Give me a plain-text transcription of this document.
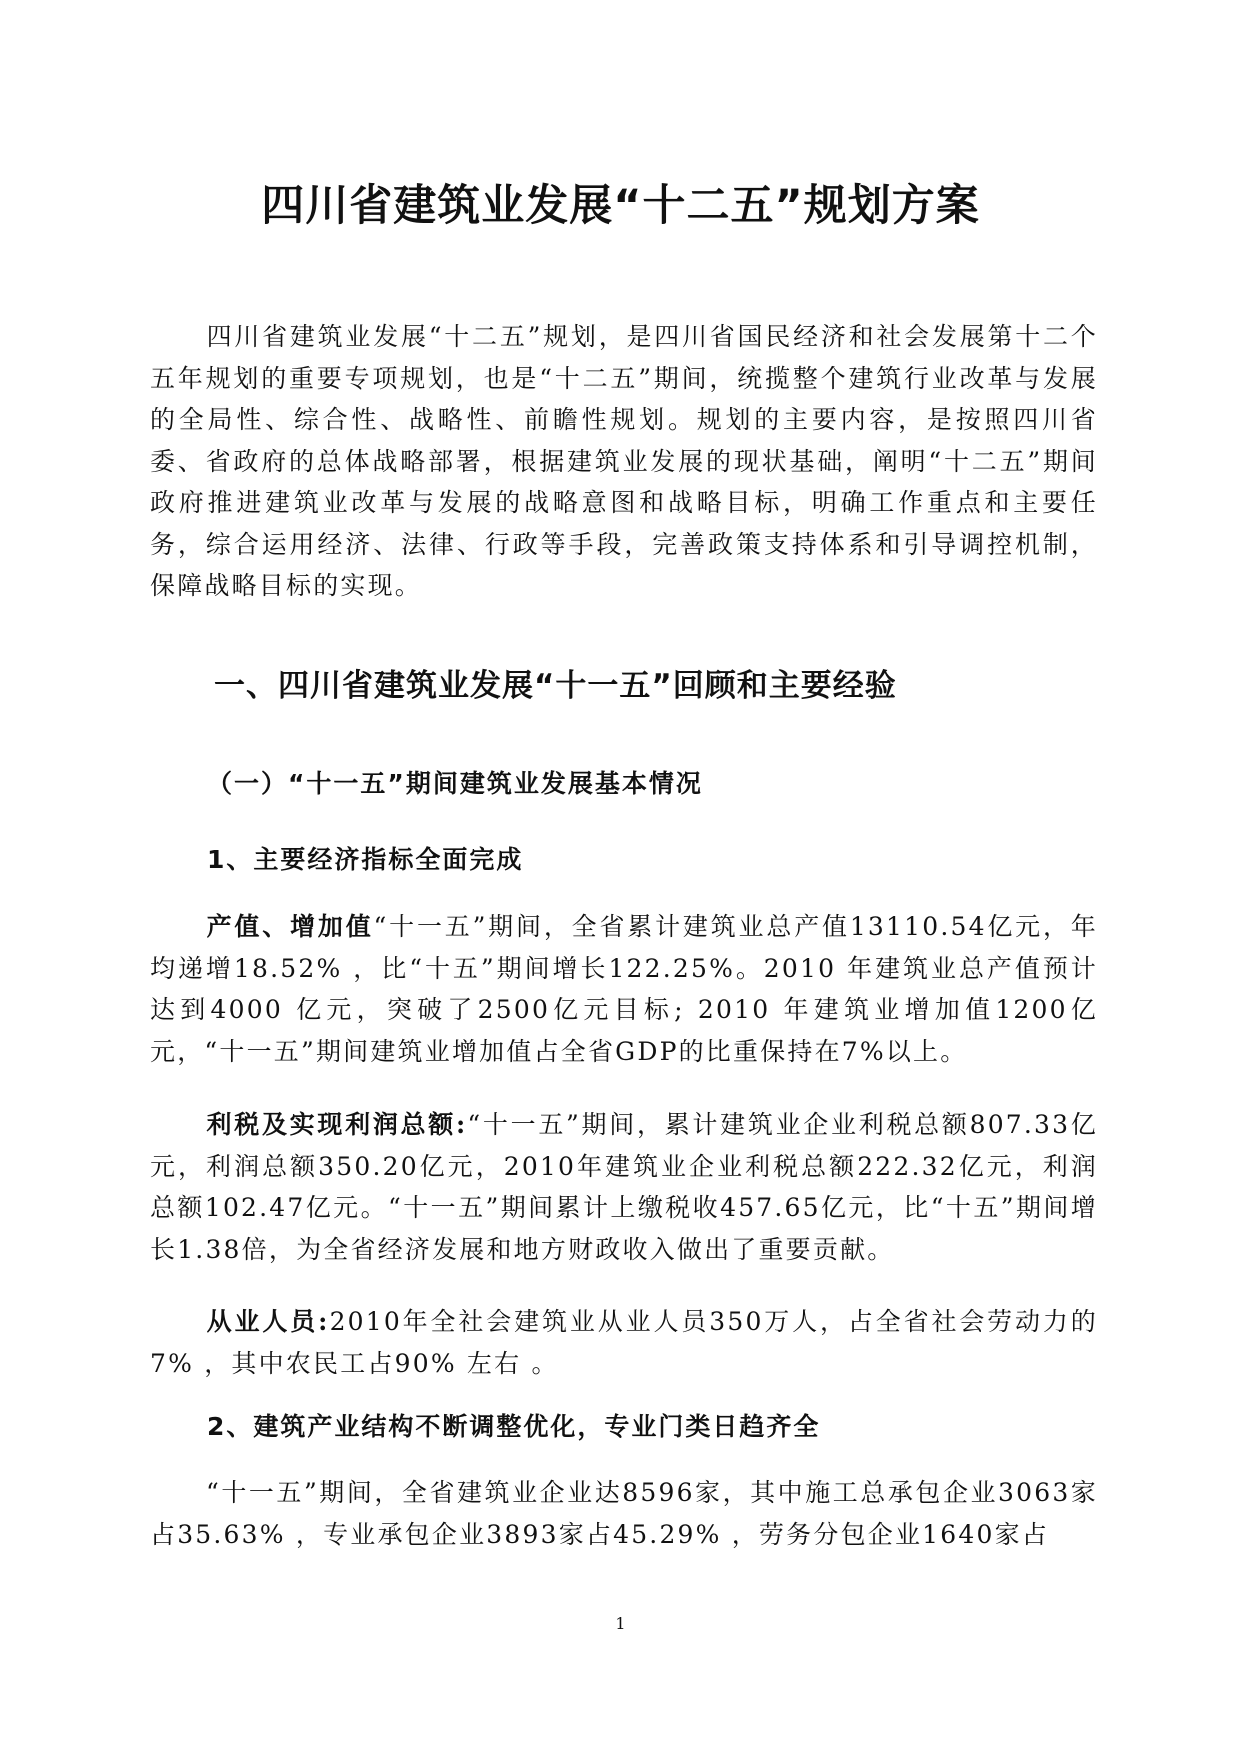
四川省建筑业发展“十二五”规划方案

四川省建筑业发展“十二五”规划，是四川省国民经济和社会发展第十二个五年规划的重要专项规划，也是“十二五”期间，统揽整个建筑行业改革与发展的全局性、综合性、战略性、前瞻性规划。规划的主要内容，是按照四川省委、省政府的总体战略部署，根据建筑业发展的现状基础，阐明“十二五”期间政府推进建筑业改革与发展的战略意图和战略目标，明确工作重点和主要任务，综合运用经济、法律、行政等手段，完善政策支持体系和引导调控机制，保障战略目标的实现。

一、四川省建筑业发展“十一五”回顾和主要经验
（一）“十一五”期间建筑业发展基本情况
1、主要经济指标全面完成

产值、增加值“十一五”期间，全省累计建筑业总产值13110.54亿元，年均递增18.52% ，比“十五”期间增长122.25%。2010 年建筑业总产值预计达到4000 亿元，突破了2500亿元目标; 2010 年建筑业增加值1200亿元，“十一五”期间建筑业增加值占全省GDP的比重保持在7%以上。

利税及实现利润总额:“十一五”期间，累计建筑业企业利税总额807.33亿元，利润总额350.20亿元，2010年建筑业企业利税总额222.32亿元，利润总额102.47亿元。“十一五”期间累计上缴税收457.65亿元，比“十五”期间增长1.38倍，为全省经济发展和地方财政收入做出了重要贡献。

从业人员:2010年全社会建筑业从业人员350万人，占全省社会劳动力的7% ，其中农民工占90% 左右 。

2、建筑产业结构不断调整优化，专业门类日趋齐全

“十一五”期间，全省建筑业企业达8596家，其中施工总承包企业3063家占35.63% ，专业承包企业3893家占45.29% ，劳务分包企业1640家占

1
